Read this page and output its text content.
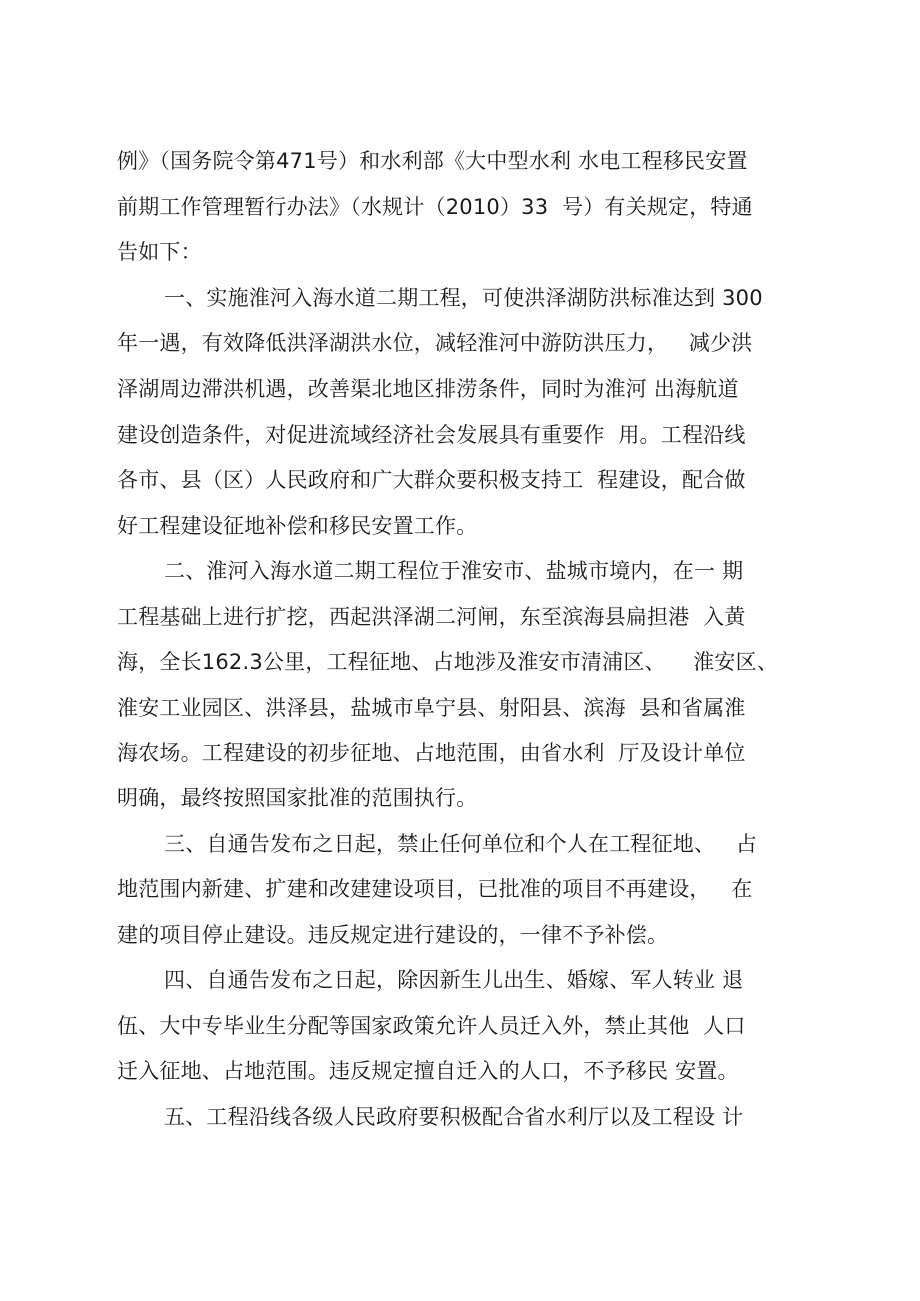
例》（国务院令第471号）和水利部《大中型水利 水电工程移民安置
前期工作管理暂行办法》（水规计（2010）33  号）有关规定，特通
告如下：
一、实施淮河入海水道二期工程，可使洪泽湖防洪标准达到 300
年一遇，有效降低洪泽湖洪水位，减轻淮河中游防洪压力，   减少洪
泽湖周边滞洪机遇，改善渠北地区排涝条件，同时为淮河 出海航道
建设创造条件，对促进流域经济社会发展具有重要作  用。工程沿线
各市、县（区）人民政府和广大群众要积极支持工  程建设，配合做
好工程建设征地补偿和移民安置工作。
二、淮河入海水道二期工程位于淮安市、盐城市境内，在一 期
工程基础上进行扩挖，西起洪泽湖二河闸，东至滨海县扁担港  入黄
海，全长162.3公里，工程征地、占地涉及淮安市清浦区、    淮安区、
淮安工业园区、洪泽县，盐城市阜宁县、射阳县、滨海  县和省属淮
海农场。工程建设的初步征地、占地范围，由省水利  厅及设计单位
明确，最终按照国家批准的范围执行。
三、自通告发布之日起，禁止任何单位和个人在工程征地、   占
地范围内新建、扩建和改建建设项目，已批准的项目不再建设，   在
建的项目停止建设。违反规定进行建设的，一律不予补偿。
四、自通告发布之日起，除因新生儿出生、婚嫁、军人转业 退
伍、大中专毕业生分配等国家政策允许人员迁入外，禁止其他  人口
迁入征地、占地范围。违反规定擅自迁入的人口，不予移民 安置。
五、工程沿线各级人民政府要积极配合省水利厅以及工程设 计
